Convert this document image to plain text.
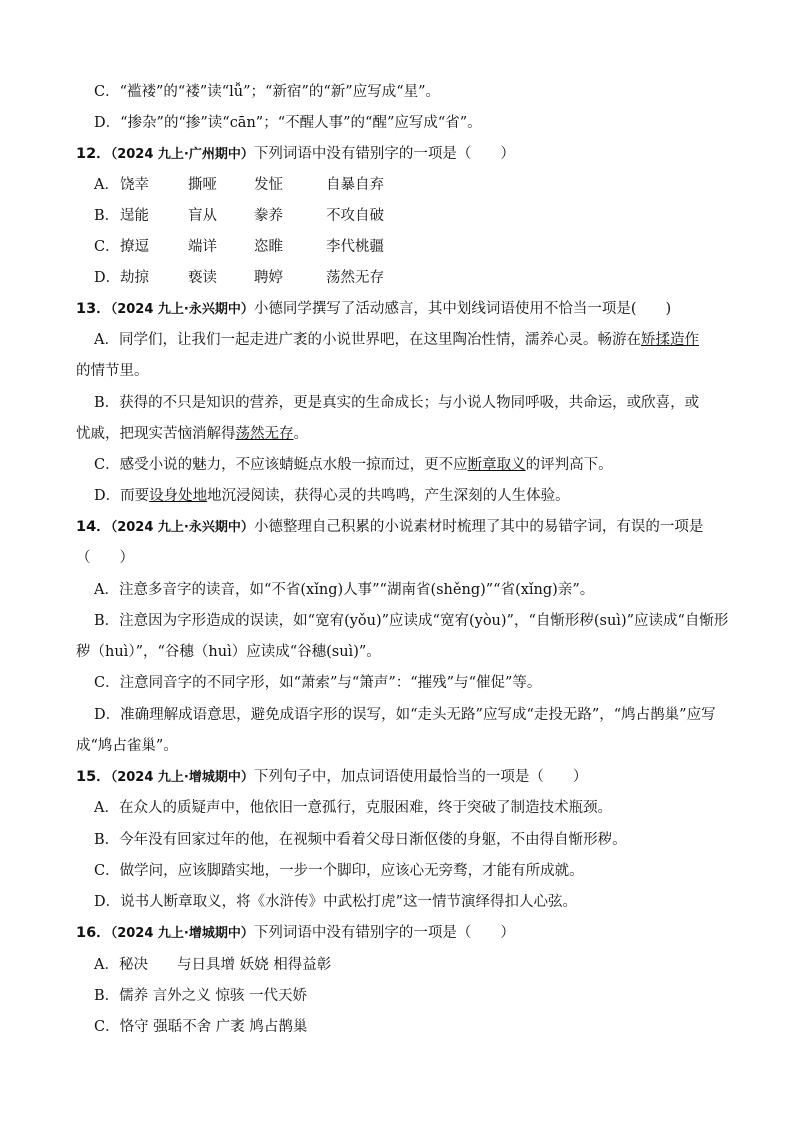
C．“褴褛”的“褛”读“lǚ”；“新宿”的“新”应写成“星”。
D．“掺杂”的“掺”读“cān”；“不醒人事”的“醒”应写成“省”。
12．（2024 九上·广州期中）下列词语中没有错别字的一项是（　　）
A．饶幸	撕哑	发怔	自暴自弃
B．逞能	盲从	豢养	不攻自破
C．撩逗	端详	恣睢	李代桃疆
D．劫掠	亵读	聘婷	荡然无存
13．（2024 九上·永兴期中）小德同学撰写了活动感言，其中划线词语使用不恰当一项是(　　)
A．同学们，让我们一起走进广袤的小说世界吧，在这里陶冶性情，濡养心灵。畅游在矫揉造作
的情节里。
B．获得的不只是知识的营养，更是真实的生命成长；与小说人物同呼吸，共命运，或欣喜，或
忧戚，把现实苦恼消解得荡然无存。
C．感受小说的魅力，不应该蜻蜓点水般一掠而过，更不应断章取义的评判高下。
D．而要设身处地地沉浸阅读，获得心灵的共鸣鸣，产生深刻的人生体验。
14．（2024 九上·永兴期中）小德整理自己积累的小说素材时梳理了其中的易错字词，有误的一项是
（　　）
A．注意多音字的读音，如“不省(xǐng)人事”“湖南省(shěng)”“省(xǐng)亲”。
B．注意因为字形造成的误读，如“宽宥(yǒu)”应读成“宽宥(yòu)”，“自惭形秽(suì)”应读成“自惭形
秽（huì）”，“谷穗（huì）应读成“谷穗(suì)”。
C．注意同音字的不同字形，如“萧索”与“箫声”：“摧残”与“催促”等。
D．准确理解成语意思，避免成语字形的误写，如“走头无路”应写成“走投无路”，“鸠占鹊巢”应写
成“鸠占雀巢”。
15．（2024 九上·增城期中）下列句子中，加点词语使用最恰当的一项是（　　）
A．在众人的质疑声中，他依旧一意孤行，克服困难，终于突破了制造技术瓶颈。
B．今年没有回家过年的他，在视频中看着父母日渐伛偻的身躯，不由得自惭形秽。
C．做学问，应该脚踏实地，一步一个脚印，应该心无旁骛，才能有所成就。
D．说书人断章取义，将《水浒传》中武松打虎”这一情节演绎得扣人心弦。
16．（2024 九上·增城期中）下列词语中没有错别字的一项是（　　）
A．秘决　　与日具增 妖娆 相得益彰
B．儒养 言外之义 惊骇 一代天娇
C．恪守 强聒不舍 广袤 鸠占鹊巢
